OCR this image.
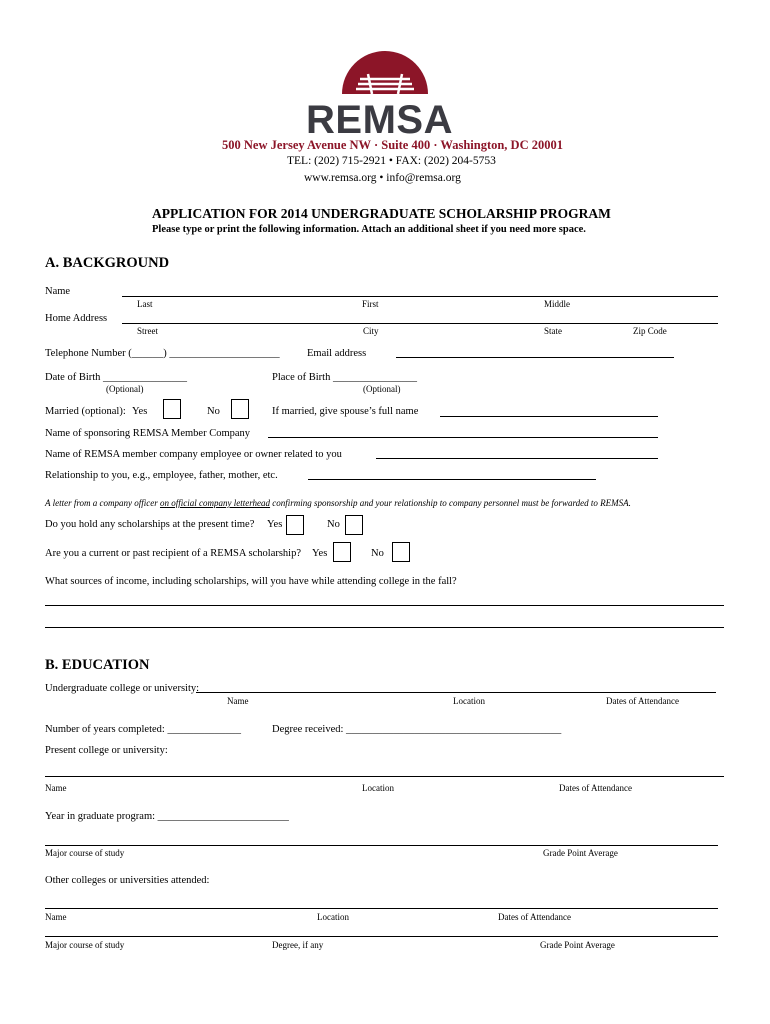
REMSA
500 New Jersey Avenue NW · Suite 400 · Washington, DC 20001
TEL: (202) 715-2921 • FAX: (202) 204-5753
www.remsa.org • info@remsa.org
APPLICATION FOR 2014 UNDERGRADUATE SCHOLARSHIP PROGRAM
Please type or print the following information. Attach an additional sheet if you need more space.
A. BACKGROUND
Name
Last	First	Middle
Home Address
Street	City	State	Zip Code
Telephone Number (______) _____________________	Email address
Date of Birth ________________
(Optional)
Place of Birth ________________
(Optional)
Married (optional): Yes	No	If married, give spouse’s full name
Name of sponsoring REMSA Member Company
Name of REMSA member company employee or owner related to you
Relationship to you, e.g., employee, father, mother, etc.
A letter from a company officer on official company letterhead confirming sponsorship and your relationship to company personnel must be forwarded to REMSA.
Do you hold any scholarships at the present time? Yes	No
Are you a current or past recipient of a REMSA scholarship? Yes	No
What sources of income, including scholarships, will you have while attending college in the fall?
B. EDUCATION
Undergraduate college or university:
Name	Location	Dates of Attendance
Number of years completed: ______________	Degree received: _________________________________________
Present college or university:
Name	Location	Dates of Attendance
Year in graduate program: _________________________
Major course of study	Grade Point Average
Other colleges or universities attended:
Name	Location	Dates of Attendance
Major course of study	Degree, if any	Grade Point Average
